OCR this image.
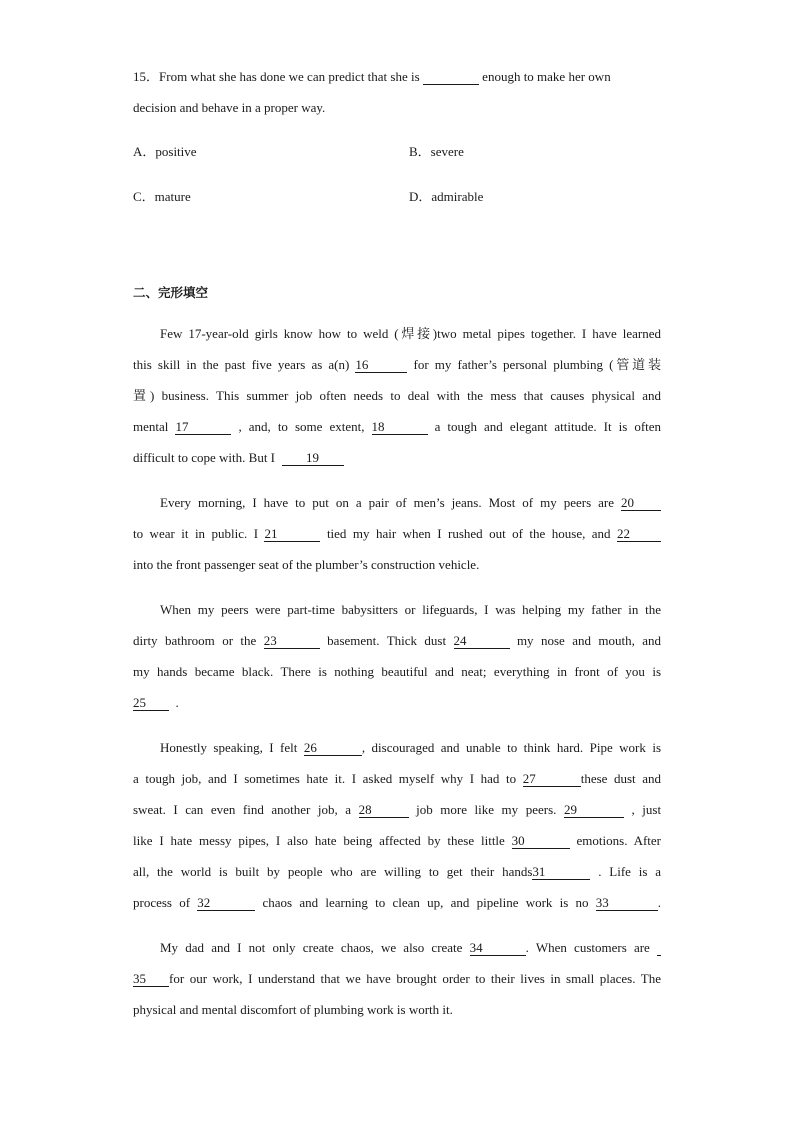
15．From what she has done we can predict that she is	enough to make her own
decision and behave in a proper way.
A．positive	B．severe
C．mature	D．admirable
二、完形填空
Few 17-year-old girls know how to weld (焊接)two metal pipes together. I have learned
this skill in the past five years as a(n) 16	for my father’s personal plumbing (管道装
置) business. This summer job often needs to deal with the mess that causes physical and
mental 17	, and, to some extent, 18	a tough and elegant attitude. It is often
difficult to cope with. But I 19
Every morning, I have to put on a pair of men’s jeans. Most of my peers are 20
to wear it in public. I 21	tied my hair when I rushed out of the house, and 22
into the front passenger seat of the plumber’s construction vehicle.
When my peers were part-time babysitters or lifeguards, I was helping my father in the
dirty bathroom or the 23	basement. Thick dust 24	my nose and mouth, and
my hands became black. There is nothing beautiful and neat; everything in front of you is
25 .
Honestly speaking, I felt 26	, discouraged and unable to think hard. Pipe work is
a tough job, and I sometimes hate it. I asked myself why I had to 27	these dust and
sweat. I can even find another job, a 28	job more like my peers. 29	, just
like I hate messy pipes, I also hate being affected by these little 30	emotions. After
all, the world is built by people who are willing to get their hands31	. Life is a
process of 32	chaos and learning to clean up, and pipeline work is no 33	.
My dad and I not only create chaos, we also create 34	. When customers are
35 for our work, I understand that we have brought order to their lives in small places. The
physical and mental discomfort of plumbing work is worth it.
